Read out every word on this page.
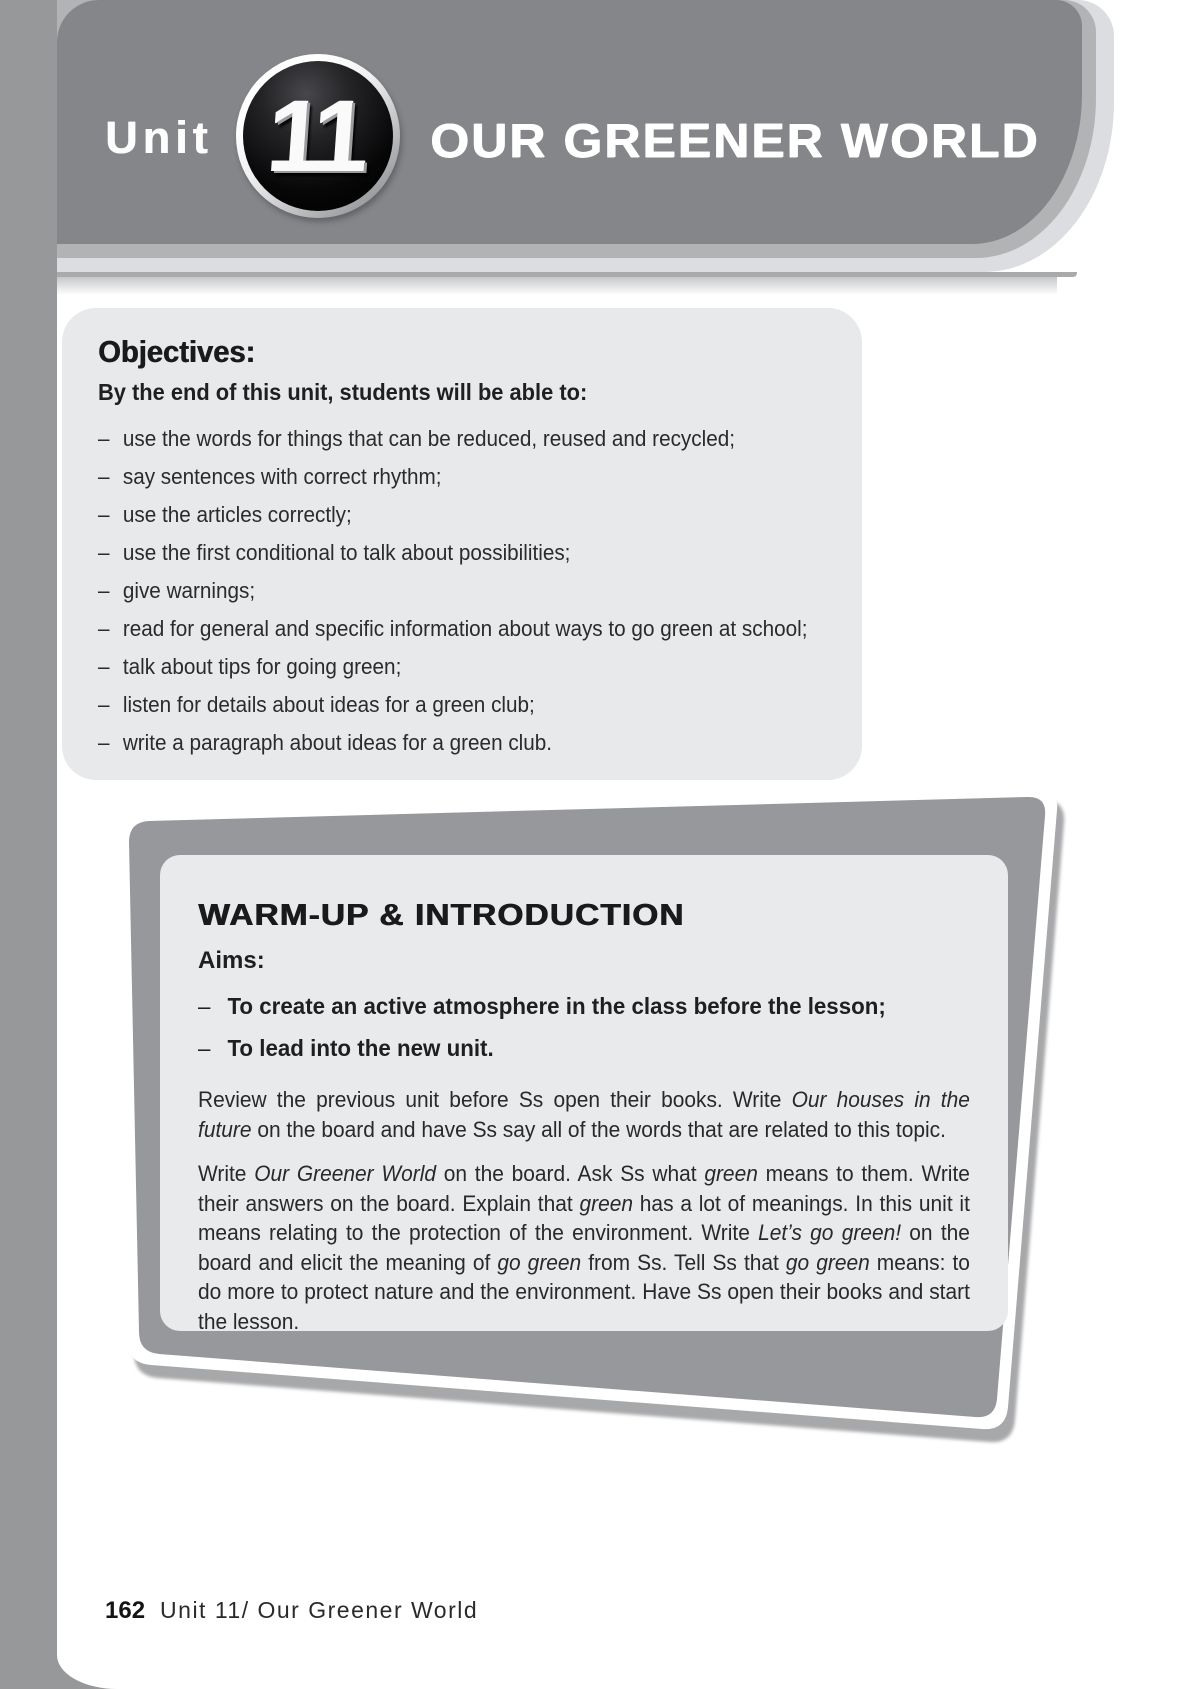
Unit 11 OUR GREENER WORLD
Objectives:
By the end of this unit, students will be able to:
– use the words for things that can be reduced, reused and recycled;
– say sentences with correct rhythm;
– use the articles correctly;
– use the first conditional to talk about possibilities;
– give warnings;
– read for general and specific information about ways to go green at school;
– talk about tips for going green;
– listen for details about ideas for a green club;
– write a paragraph about ideas for a green club.
WARM-UP & INTRODUCTION
Aims:
– To create an active atmosphere in the class before the lesson;
– To lead into the new unit.
Review the previous unit before Ss open their books. Write Our houses in the future on the board and have Ss say all of the words that are related to this topic.
Write Our Greener World on the board. Ask Ss what green means to them. Write their answers on the board. Explain that green has a lot of meanings. In this unit it means relating to the protection of the environment. Write Let’s go green! on the board and elicit the meaning of go green from Ss. Tell Ss that go green means: to do more to protect nature and the environment. Have Ss open their books and start the lesson.
162 Unit 11/ Our Greener World
